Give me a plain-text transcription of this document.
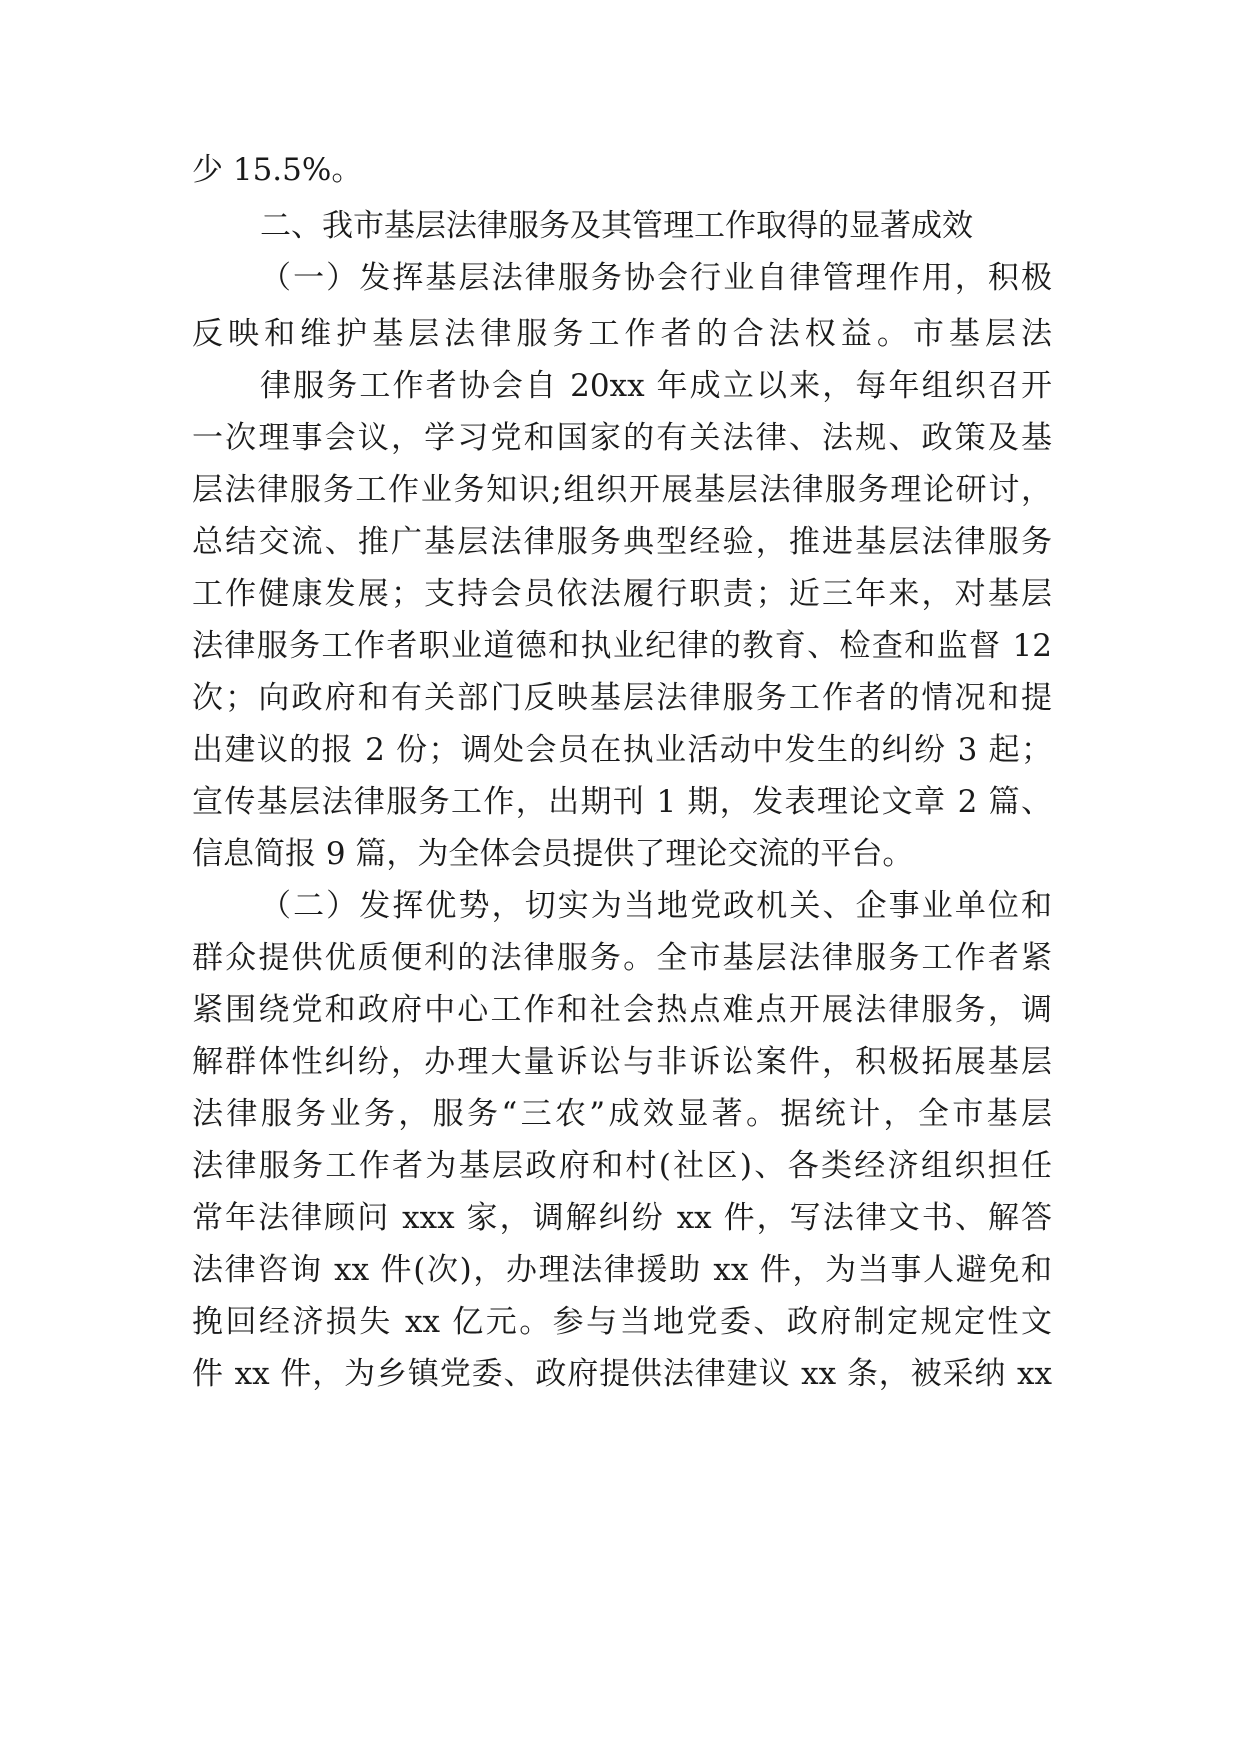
少 15.5%。
二、我市基层法律服务及其管理工作取得的显著成效
（一）发挥基层法律服务协会行业自律管理作用，积极
反映和维护基层法律服务工作者的合法权益。市基层法
律服务工作者协会自 20xx 年成立以来，每年组织召开
一次理事会议，学习党和国家的有关法律、法规、政策及基
层法律服务工作业务知识;组织开展基层法律服务理论研讨，
总结交流、推广基层法律服务典型经验，推进基层法律服务
工作健康发展；支持会员依法履行职责；近三年来，对基层
法律服务工作者职业道德和执业纪律的教育、检查和监督 12
次；向政府和有关部门反映基层法律服务工作者的情况和提
出建议的报 2 份；调处会员在执业活动中发生的纠纷 3 起；
宣传基层法律服务工作，出期刊 1 期，发表理论文章 2 篇、
信息简报 9 篇，为全体会员提供了理论交流的平台。
（二）发挥优势，切实为当地党政机关、企事业单位和
群众提供优质便利的法律服务。全市基层法律服务工作者紧
紧围绕党和政府中心工作和社会热点难点开展法律服务，调
解群体性纠纷，办理大量诉讼与非诉讼案件，积极拓展基层
法律服务业务，服务“三农”成效显著。据统计，全市基层
法律服务工作者为基层政府和村(社区)、各类经济组织担任
常年法律顾问 xxx 家，调解纠纷 xx 件，写法律文书、解答
法律咨询 xx 件(次)，办理法律援助 xx 件，为当事人避免和
挽回经济损失 xx 亿元。参与当地党委、政府制定规定性文
件 xx 件，为乡镇党委、政府提供法律建议 xx 条，被采纳 xx
